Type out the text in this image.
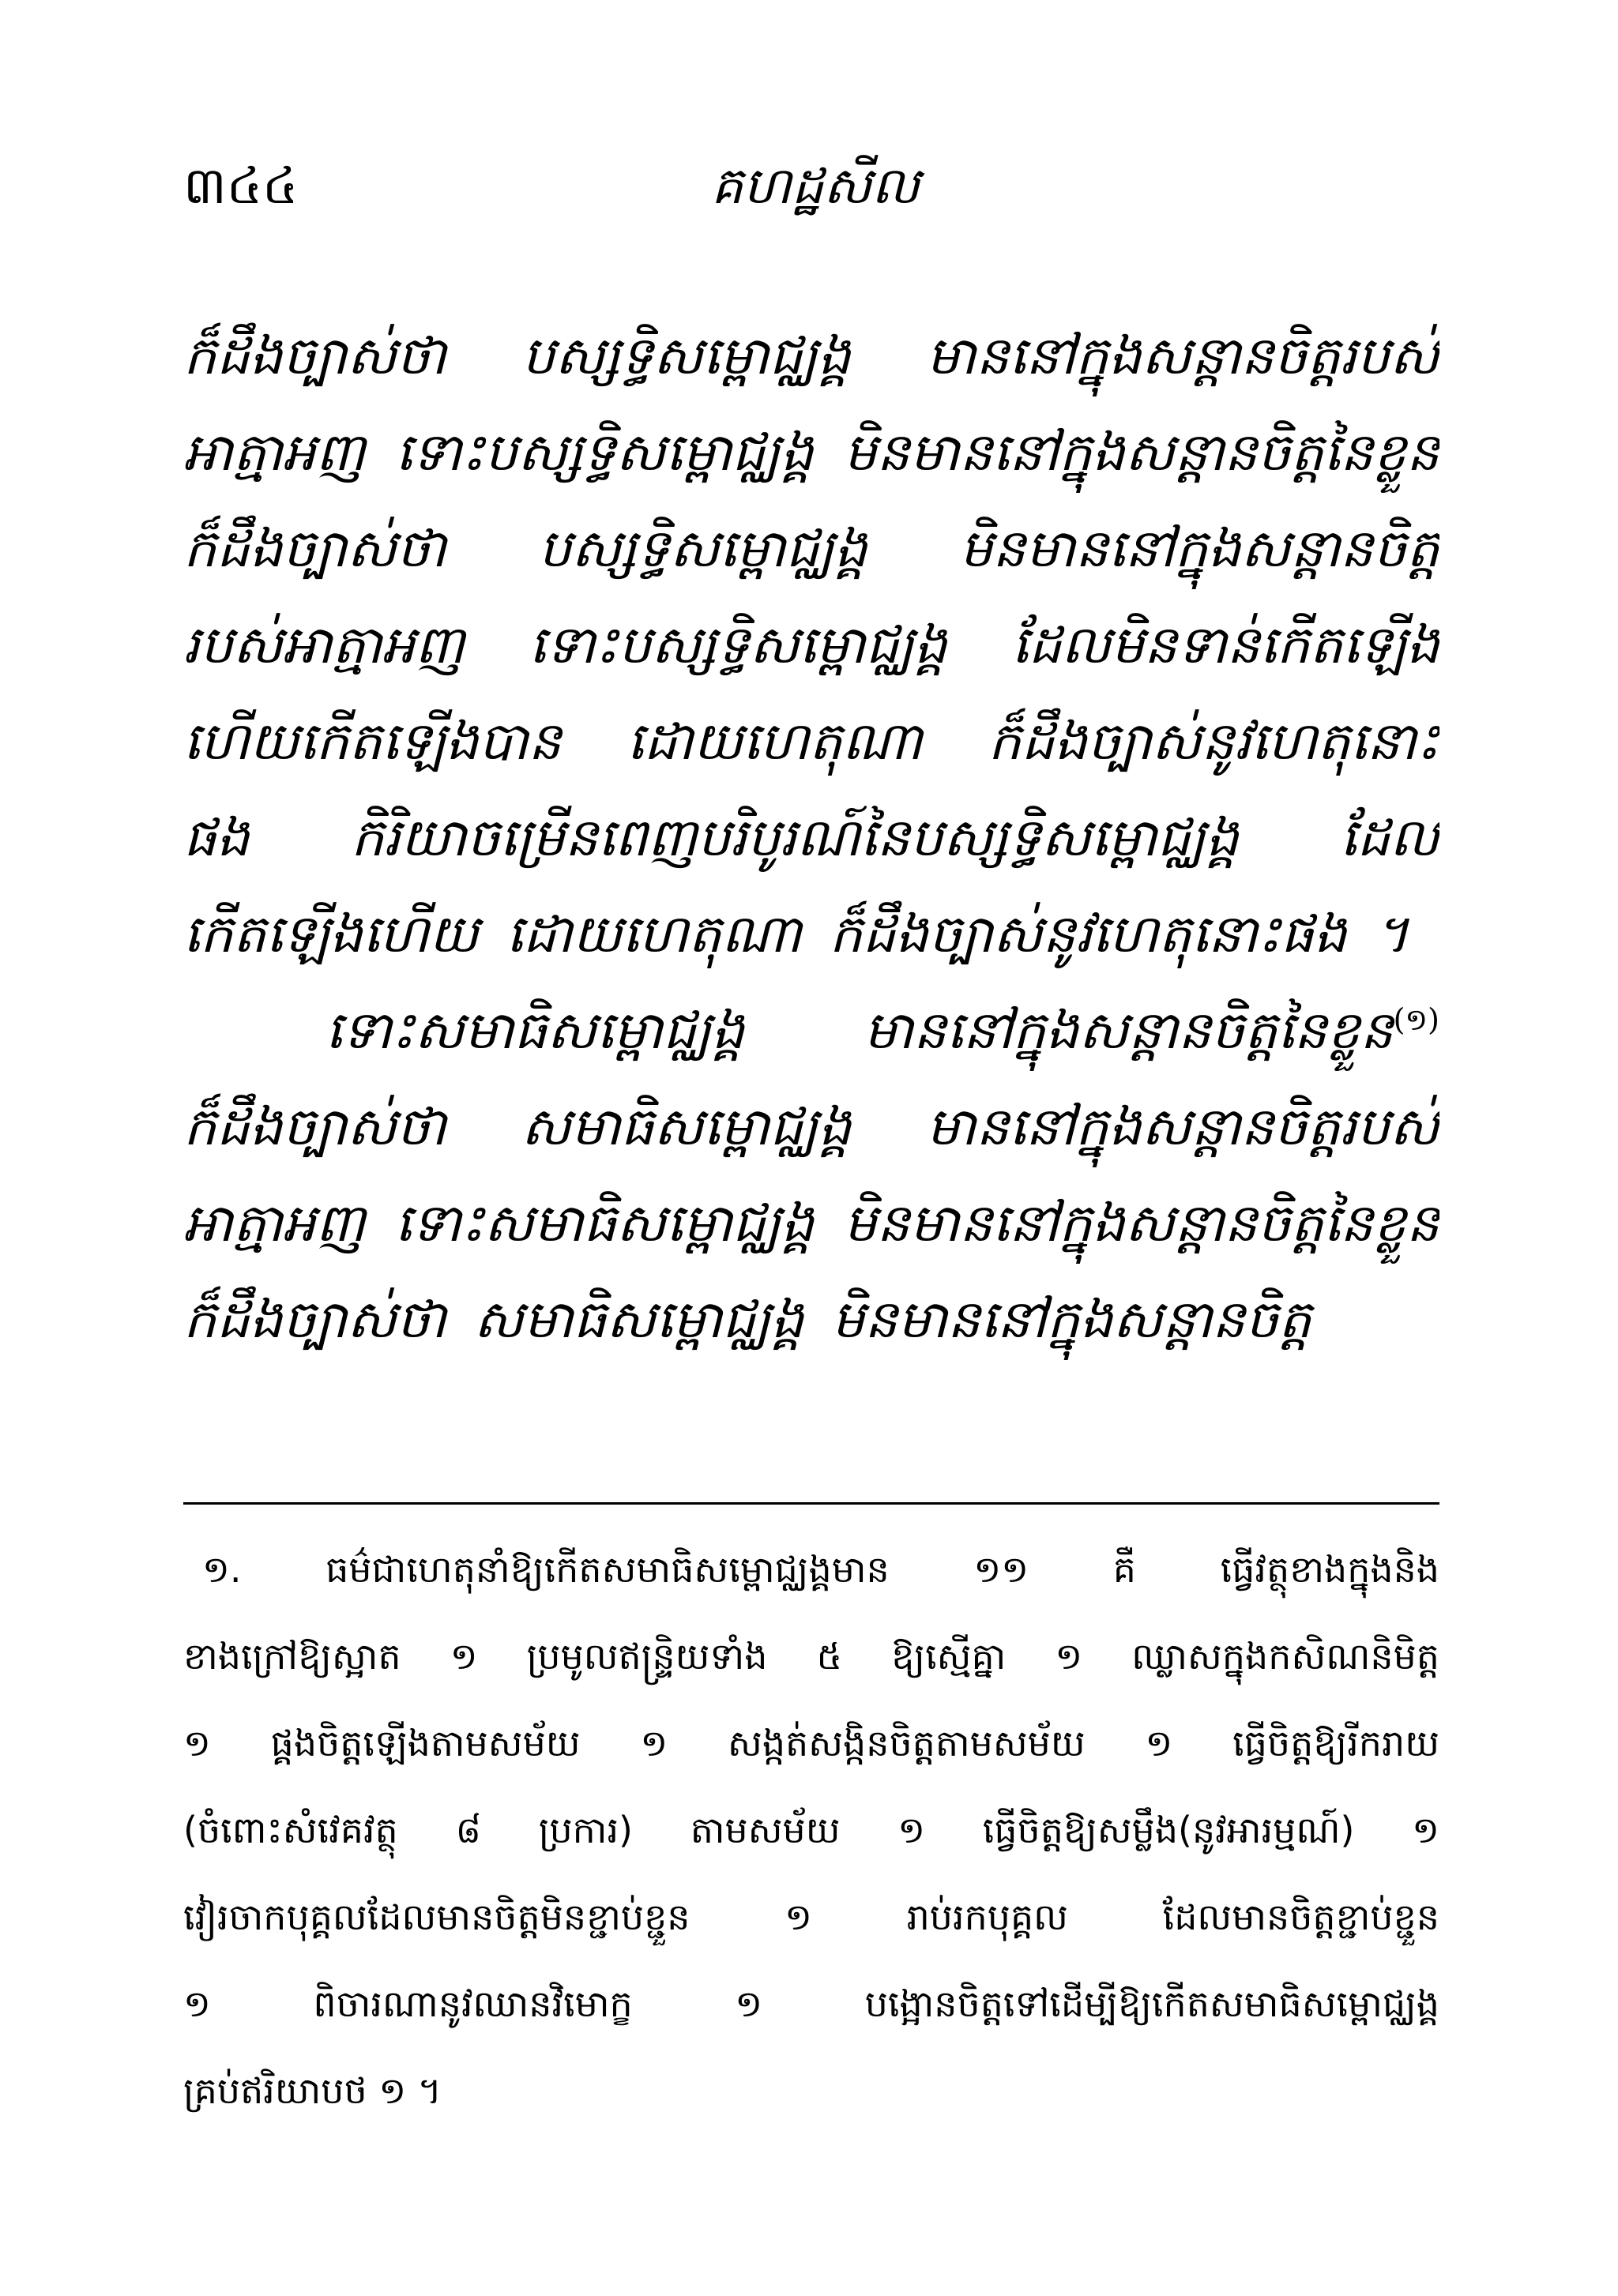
៣៤៤	គហដ្ឋសីល
ក៏ដឹងច្បាស់ថា បស្សទ្ធិសម្ពោជ្ឈង្គ មាននៅក្នុងសន្តានចិត្តរបស់
អាត្មាអញ ទោះបស្សទ្ធិសម្ពោជ្ឈង្គ មិនមាននៅក្នុងសន្តានចិត្តនៃខ្លួន
ក៏ដឹងច្បាស់ថា បស្សទ្ធិសម្ពោជ្ឈង្គ មិនមាននៅក្នុងសន្តានចិត្ត
របស់អាត្មាអញ ទោះបស្សទ្ធិសម្ពោជ្ឈង្គ ដែលមិនទាន់កើតឡើង
ហើយកើតឡើងបាន ដោយហេតុណា ក៏ដឹងច្បាស់នូវហេតុនោះ
ផង កិរិយាចម្រើនពេញបរិបូរណ៍នៃបស្សទ្ធិសម្ពោជ្ឈង្គ ដែល
កើតឡើងហើយ ដោយហេតុណា ក៏ដឹងច្បាស់នូវហេតុនោះផង ។
ទោះសមាធិសម្ពោជ្ឈង្គ មាននៅក្នុងសន្តានចិត្តនៃខ្លួន$^{(១)}$
ក៏ដឹងច្បាស់ថា សមាធិសម្ពោជ្ឈង្គ មាននៅក្នុងសន្តានចិត្តរបស់
អាត្មាអញ ទោះសមាធិសម្ពោជ្ឈង្គ មិនមាននៅក្នុងសន្តានចិត្តនៃខ្លួន
ក៏ដឹងច្បាស់ថា សមាធិសម្ពោជ្ឈង្គ មិនមាននៅក្នុងសន្តានចិត្ត
១. ធម៌ជាហេតុនាំឱ្យកើតសមាធិសម្ពោជ្ឈង្គមាន ១១ គឺ ធ្វើវត្ថុខាងក្នុងនិង
ខាងក្រៅឱ្យស្អាត ១ ប្រមូលឥន្ទ្រិយទាំង ៥ ឱ្យស្មើគ្នា ១ ឈ្លាសក្នុងកសិណនិមិត្ត
១ ផ្គងចិត្តឡើងតាមសម័យ ១ សង្កត់សង្កិនចិត្តតាមសម័យ ១ ធ្វើចិត្តឱ្យរីករាយ
(ចំពោះសំវេគវត្ថុ ៨ ប្រការ) តាមសម័យ ១ ធ្វើចិត្តឱ្យសម្លឹង(នូវអារម្មណ៍) ១
វៀរចាកបុគ្គលដែលមានចិត្តមិនខ្ជាប់ខ្ជួន ១ រាប់រកបុគ្គល ដែលមានចិត្តខ្ជាប់ខ្ជួន
១ ពិចារណានូវឈានវិមោក្ខ ១ បង្អោនចិត្តទៅដើម្បីឱ្យកើតសមាធិសម្ពោជ្ឈង្គ
គ្រប់ឥរិយាបថ ១ ។
